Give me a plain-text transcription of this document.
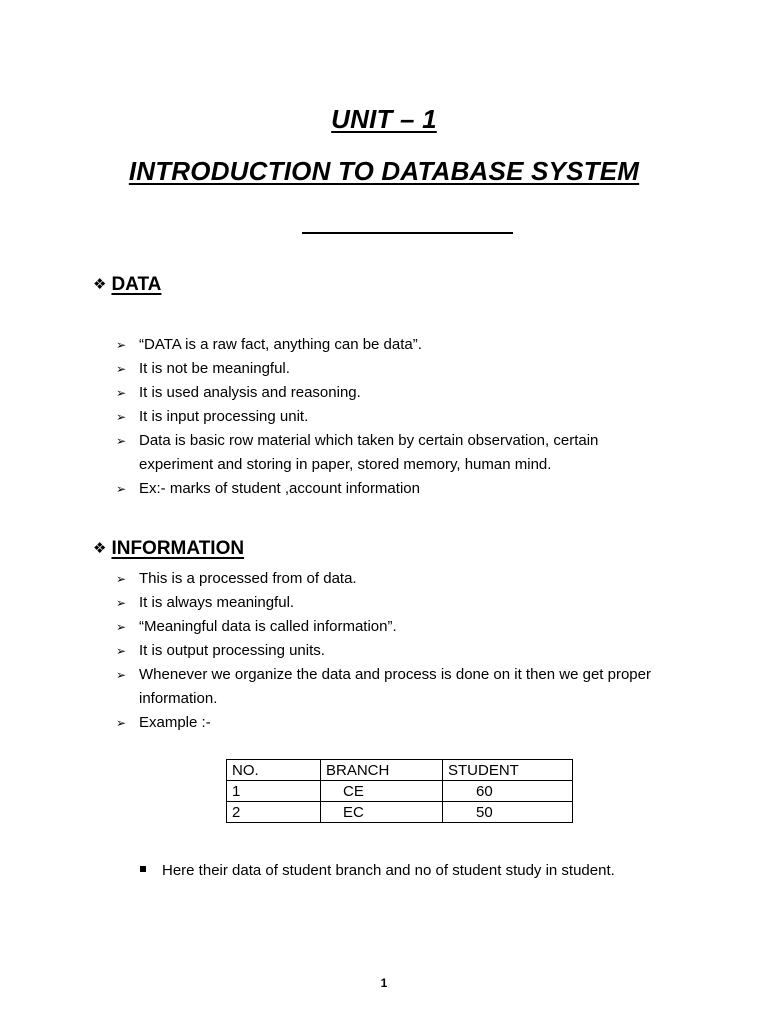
UNIT – 1
INTRODUCTION TO DATABASE SYSTEM
❖ DATA
➢ “DATA is a raw fact, anything can be data”.
➢ It is not be meaningful.
➢ It is used analysis and reasoning.
➢ It is input processing unit.
➢ Data is basic row material which taken by certain observation, certain experiment and storing in paper, stored memory, human mind.
➢ Ex:- marks of student ,account information
❖ INFORMATION
➢ This is a processed from of data.
➢ It is always meaningful.
➢ “Meaningful data is called information”.
➢ It is output processing units.
➢ Whenever we organize the data and process is done on it then we get proper information.
➢ Example :-
NO.	BRANCH	STUDENT
1	CE	60
2	EC	50
Here their data of student branch and no of student study in student.
1
